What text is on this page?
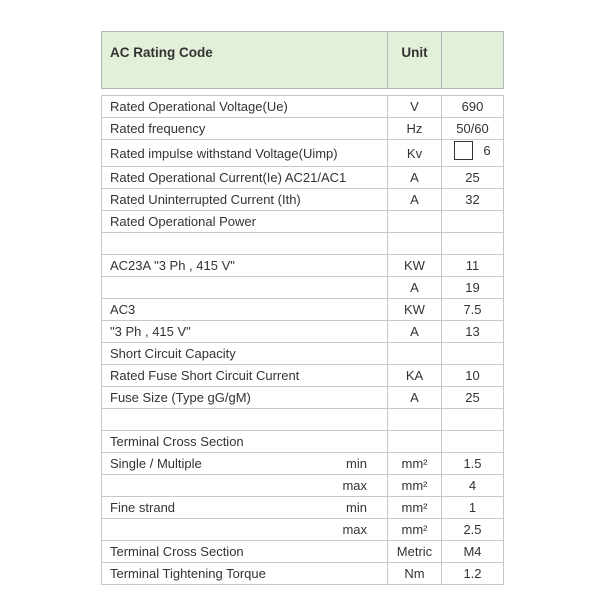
AC Rating Code	Unit	

Rated Operational Voltage(Ue)	V	690

Rated frequency	Hz	50/60

Rated impulse withstand Voltage(Uimp)	Kv	6

Rated Operational Current(Ie) AC21/AC1	A	25

Rated Uninterrupted Current (Ith)	A	32

Rated Operational Power		

AC23A "3 Ph , 415 V"	KW	11

	A	19

AC3	KW	7.5

"3 Ph , 415 V"	A	13

Short Circuit Capacity		

Rated Fuse Short Circuit Current	KA	10

Fuse Size (Type gG/gM)	A	25

Terminal Cross Section		

Single / Multiple min	mm²	1.5

max	mm²	4

Fine strand min	mm²	1

max	mm²	2.5

Terminal Cross Section	Metric	M4

Terminal Tightening Torque	Nm	1.2
